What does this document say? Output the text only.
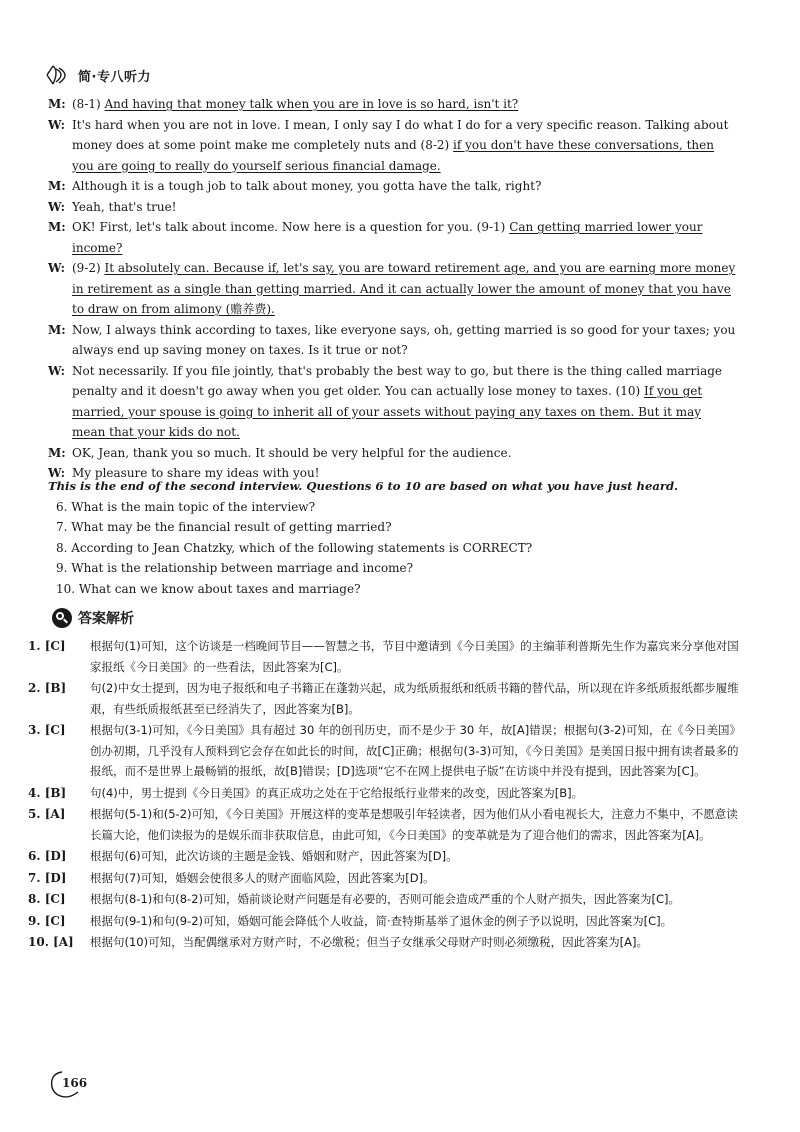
简·专八听力
M: (8-1) And having that money talk when you are in love is so hard, isn't it?
W: It's hard when you are not in love. I mean, I only say I do what I do for a very specific reason. Talking about money does at some point make me completely nuts and (8-2) if you don't have these conversations, then you are going to really do yourself serious financial damage.
M: Although it is a tough job to talk about money, you gotta have the talk, right?
W: Yeah, that's true!
M: OK! First, let's talk about income. Now here is a question for you. (9-1) Can getting married lower your income?
W: (9-2) It absolutely can. Because if, let's say, you are toward retirement age, and you are earning more money in retirement as a single than getting married. And it can actually lower the amount of money that you have to draw on from alimony (赡养费).
M: Now, I always think according to taxes, like everyone says, oh, getting married is so good for your taxes; you always end up saving money on taxes. Is it true or not?
W: Not necessarily. If you file jointly, that's probably the best way to go, but there is the thing called marriage penalty and it doesn't go away when you get older. You can actually lose money to taxes. (10) If you get married, your spouse is going to inherit all of your assets without paying any taxes on them. But it may mean that your kids do not.
M: OK, Jean, thank you so much. It should be very helpful for the audience.
W: My pleasure to share my ideas with you!
This is the end of the second interview. Questions 6 to 10 are based on what you have just heard.
6. What is the main topic of the interview?
7. What may be the financial result of getting married?
8. According to Jean Chatzky, which of the following statements is CORRECT?
9. What is the relationship between marriage and income?
10. What can we know about taxes and marriage?
答案解析
1. [C]	根据句(1)可知，这个访谈是一档晚间节目——智慧之书，节目中邀请到《今日美国》的主编菲利普斯先生作为嘉宾来分享他对国家报纸《今日美国》的一些看法，因此答案为[C]。
2. [B]	句(2)中女士提到，因为电子报纸和电子书籍正在蓬勃兴起，成为纸质报纸和纸质书籍的替代品，所以现在许多纸质报纸都步履维艰，有些纸质报纸甚至已经消失了，因此答案为[B]。
3. [C]	根据句(3-1)可知，《今日美国》具有超过 30 年的创刊历史，而不是少于 30 年，故[A]错误；根据句(3-2)可知，在《今日美国》创办初期，几乎没有人预料到它会存在如此长的时间，故[C]正确；根据句(3-3)可知，《今日美国》是美国日报中拥有读者最多的报纸，而不是世界上最畅销的报纸，故[B]错误；[D]选项“它不在网上提供电子版”在访谈中并没有提到，因此答案为[C]。
4. [B]	句(4)中，男士提到《今日美国》的真正成功之处在于它给报纸行业带来的改变，因此答案为[B]。
5. [A]	根据句(5-1)和(5-2)可知，《今日美国》开展这样的变革是想吸引年轻读者，因为他们从小看电视长大，注意力不集中，不愿意读长篇大论，他们读报为的是娱乐而非获取信息，由此可知，《今日美国》的变革就是为了迎合他们的需求，因此答案为[A]。
6. [D]	根据句(6)可知，此次访谈的主题是金钱、婚姻和财产，因此答案为[D]。
7. [D]	根据句(7)可知，婚姻会使很多人的财产面临风险，因此答案为[D]。
8. [C]	根据句(8-1)和句(8-2)可知，婚前谈论财产问题是有必要的，否则可能会造成严重的个人财产损失，因此答案为[C]。
9. [C]	根据句(9-1)和句(9-2)可知，婚姻可能会降低个人收益，简·查特斯基举了退休金的例子予以说明，因此答案为[C]。
10. [A]	根据句(10)可知，当配偶继承对方财产时，不必缴税；但当子女继承父母财产时则必须缴税，因此答案为[A]。
166
